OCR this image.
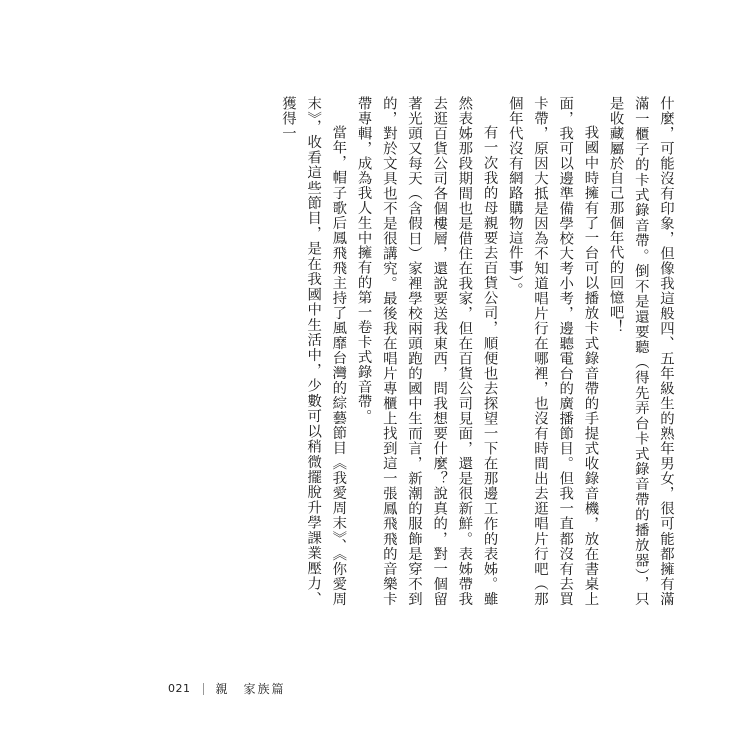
什麼，可能沒有印象，但像我這般四、五年級生的熟年男女，很可能都擁有滿滿一櫃子的卡式錄音帶。倒不是還要聽（得先弄台卡式錄音帶的播放器），只是收藏屬於自己那個年代的回憶吧！

我國中時擁有了一台可以播放卡式錄音帶的手提式收錄音機，放在書桌上面，我可以邊準備學校大考小考，邊聽電台的廣播節目。但我一直都沒有去買卡帶，原因大抵是因為不知道唱片行在哪裡，也沒有時間出去逛唱片行吧（那個年代沒有網路購物這件事）。

有一次我的母親要去百貨公司，順便也去探望一下在那邊工作的表姊。雖然表姊那段期間也是借住在我家，但在百貨公司見面，還是很新鮮。表姊帶我去逛百貨公司各個樓層，還說要送我東西，問我想要什麼？說真的，對一個留著光頭又每天（含假日）家裡學校兩頭跑的國中生而言，新潮的服飾是穿不到的，對於文具也不是很講究。最後我在唱片專櫃上找到這一張鳳飛飛的音樂卡帶專輯，成為我人生中擁有的第一卷卡式錄音帶。

當年，帽子歌后鳳飛飛主持了風靡台灣的綜藝節目《我愛周末》、《你愛周末》，收看這些節目，是在我國中生活中，少數可以稍微擺脫升學課業壓力、獲得一

021 親　家族篇
